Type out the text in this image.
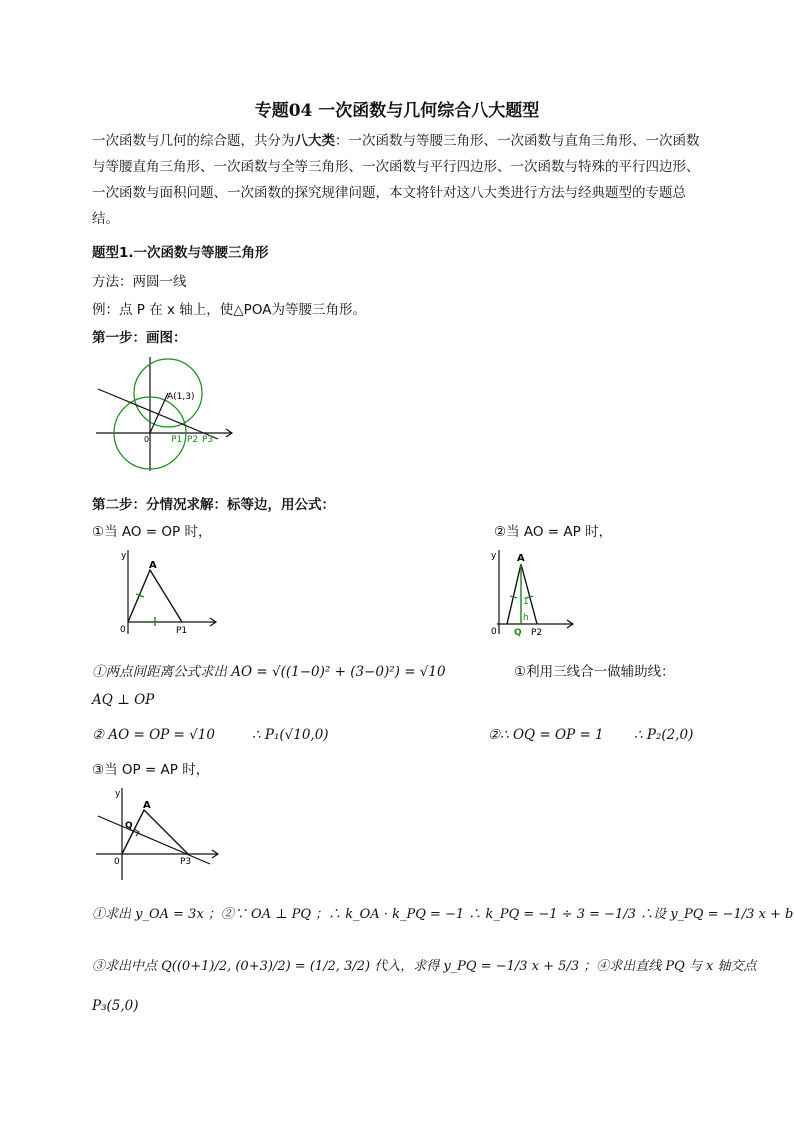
专题04 一次函数与几何综合八大题型
一次函数与几何的综合题，共分为八大类：一次函数与等腰三角形、一次函数与直角三角形、一次函数与等腰直角三角形、一次函数与全等三角形、一次函数与平行四边形、一次函数与特殊的平行四边形、一次函数与面积问题、一次函数的探究规律问题，本文将针对这八大类进行方法与经典题型的专题总结。
题型1.一次函数与等腰三角形
方法：两圆一线
例：点 P 在 x 轴上，使△POA为等腰三角形。
第一步：画图：
A(1,3)
0 P1 P2 P3
第二步：分情况求解：标等边，用公式：
①当 AO = OP 时，	②当 AO = AP 时，
y
A
0	P1
y A
1
h
0 Q P2
①两点间距离公式求出 AO = √((1−0)² + (3−0)²) = √10	①利用三线合一做辅助线：
AQ ⊥ OP
② AO = OP = √10	∴ P₁(√10,0)	②∴ OQ = OP = 1 ∴ P₂(2,0)
③当 OP = AP 时，
y
A
Q
0	P3
①求出 y_OA = 3x ；②∵ OA ⊥ PQ ；∴ k_OA · k_PQ = −1 ∴ k_PQ = −1 ÷ 3 = −1/3 ∴设 y_PQ = −1/3 x + b
③求出中点 Q((0+1)/2, (0+3)/2) = (1/2, 3/2) 代入，求得 y_PQ = −1/3 x + 5/3 ；④求出直线 PQ 与 x 轴交点
P₃(5,0)
